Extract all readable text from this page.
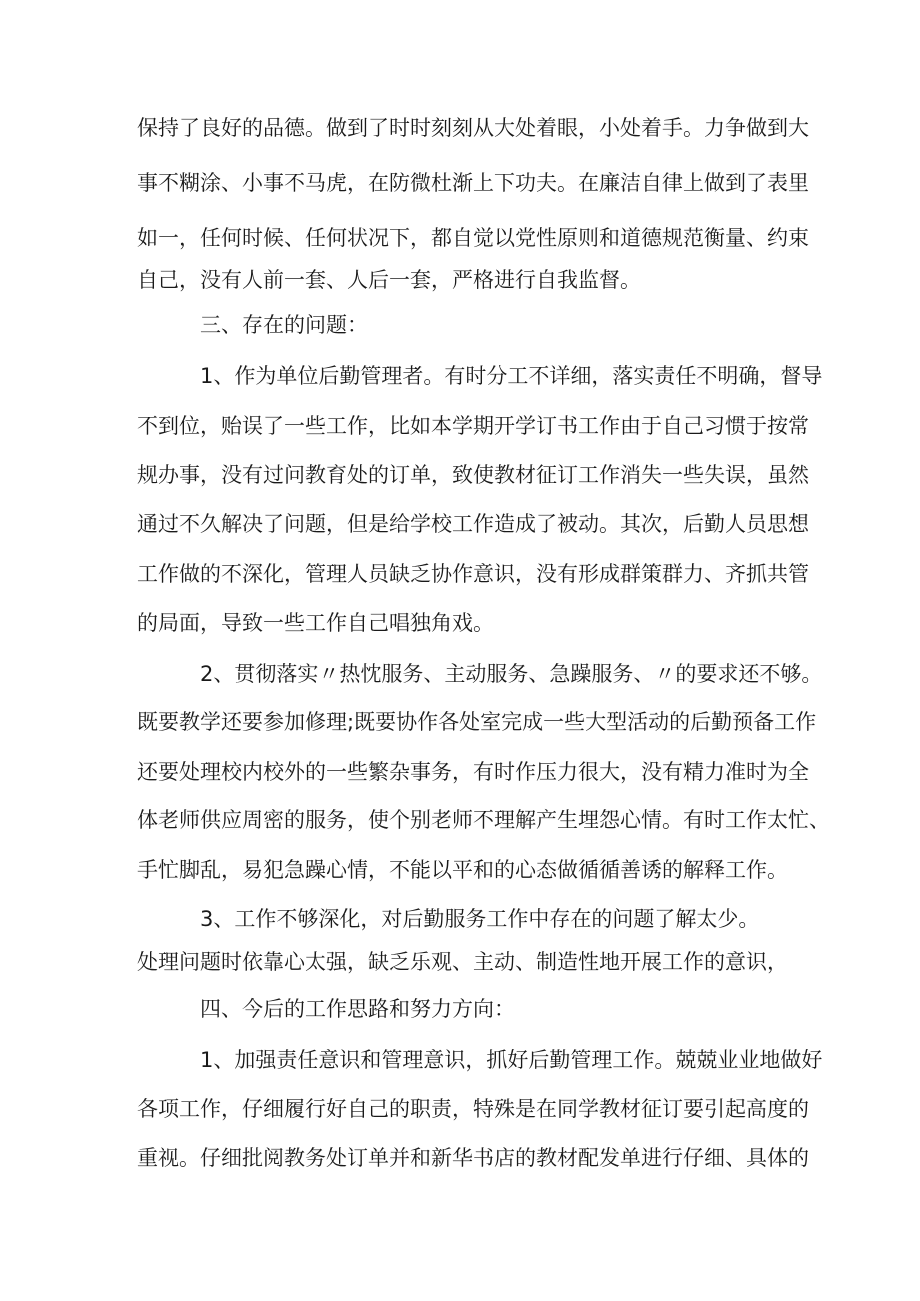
保持了良好的品德。做到了时时刻刻从大处着眼，小处着手。力争做到大
事不糊涂、小事不马虎，在防微杜渐上下功夫。在廉洁自律上做到了表里
如一，任何时候、任何状况下，都自觉以党性原则和道德规范衡量、约束
自己，没有人前一套、人后一套，严格进行自我监督。
三、存在的问题：
1、作为单位后勤管理者。有时分工不详细，落实责任不明确，督导
不到位，贻误了一些工作，比如本学期开学订书工作由于自己习惯于按常
规办事，没有过问教育处的订单，致使教材征订工作消失一些失误，虽然
通过不久解决了问题，但是给学校工作造成了被动。其次，后勤人员思想
工作做的不深化，管理人员缺乏协作意识，没有形成群策群力、齐抓共管
的局面，导致一些工作自己唱独角戏。
2、贯彻落实〃热忱服务、主动服务、急躁服务、〃的要求还不够。
既要教学还要参加修理;既要协作各处室完成一些大型活动的后勤预备工作
还要处理校内校外的一些繁杂事务，有时作压力很大，没有精力准时为全
体老师供应周密的服务，使个别老师不理解产生埋怨心情。有时工作太忙、
手忙脚乱，易犯急躁心情，不能以平和的心态做循循善诱的解释工作。
3、工作不够深化，对后勤服务工作中存在的问题了解太少。
处理问题时依靠心太强，缺乏乐观、主动、制造性地开展工作的意识，
四、今后的工作思路和努力方向：
1、加强责任意识和管理意识，抓好后勤管理工作。兢兢业业地做好
各项工作，仔细履行好自己的职责，特殊是在同学教材征订要引起高度的
重视。仔细批阅教务处订单并和新华书店的教材配发单进行仔细、具体的
